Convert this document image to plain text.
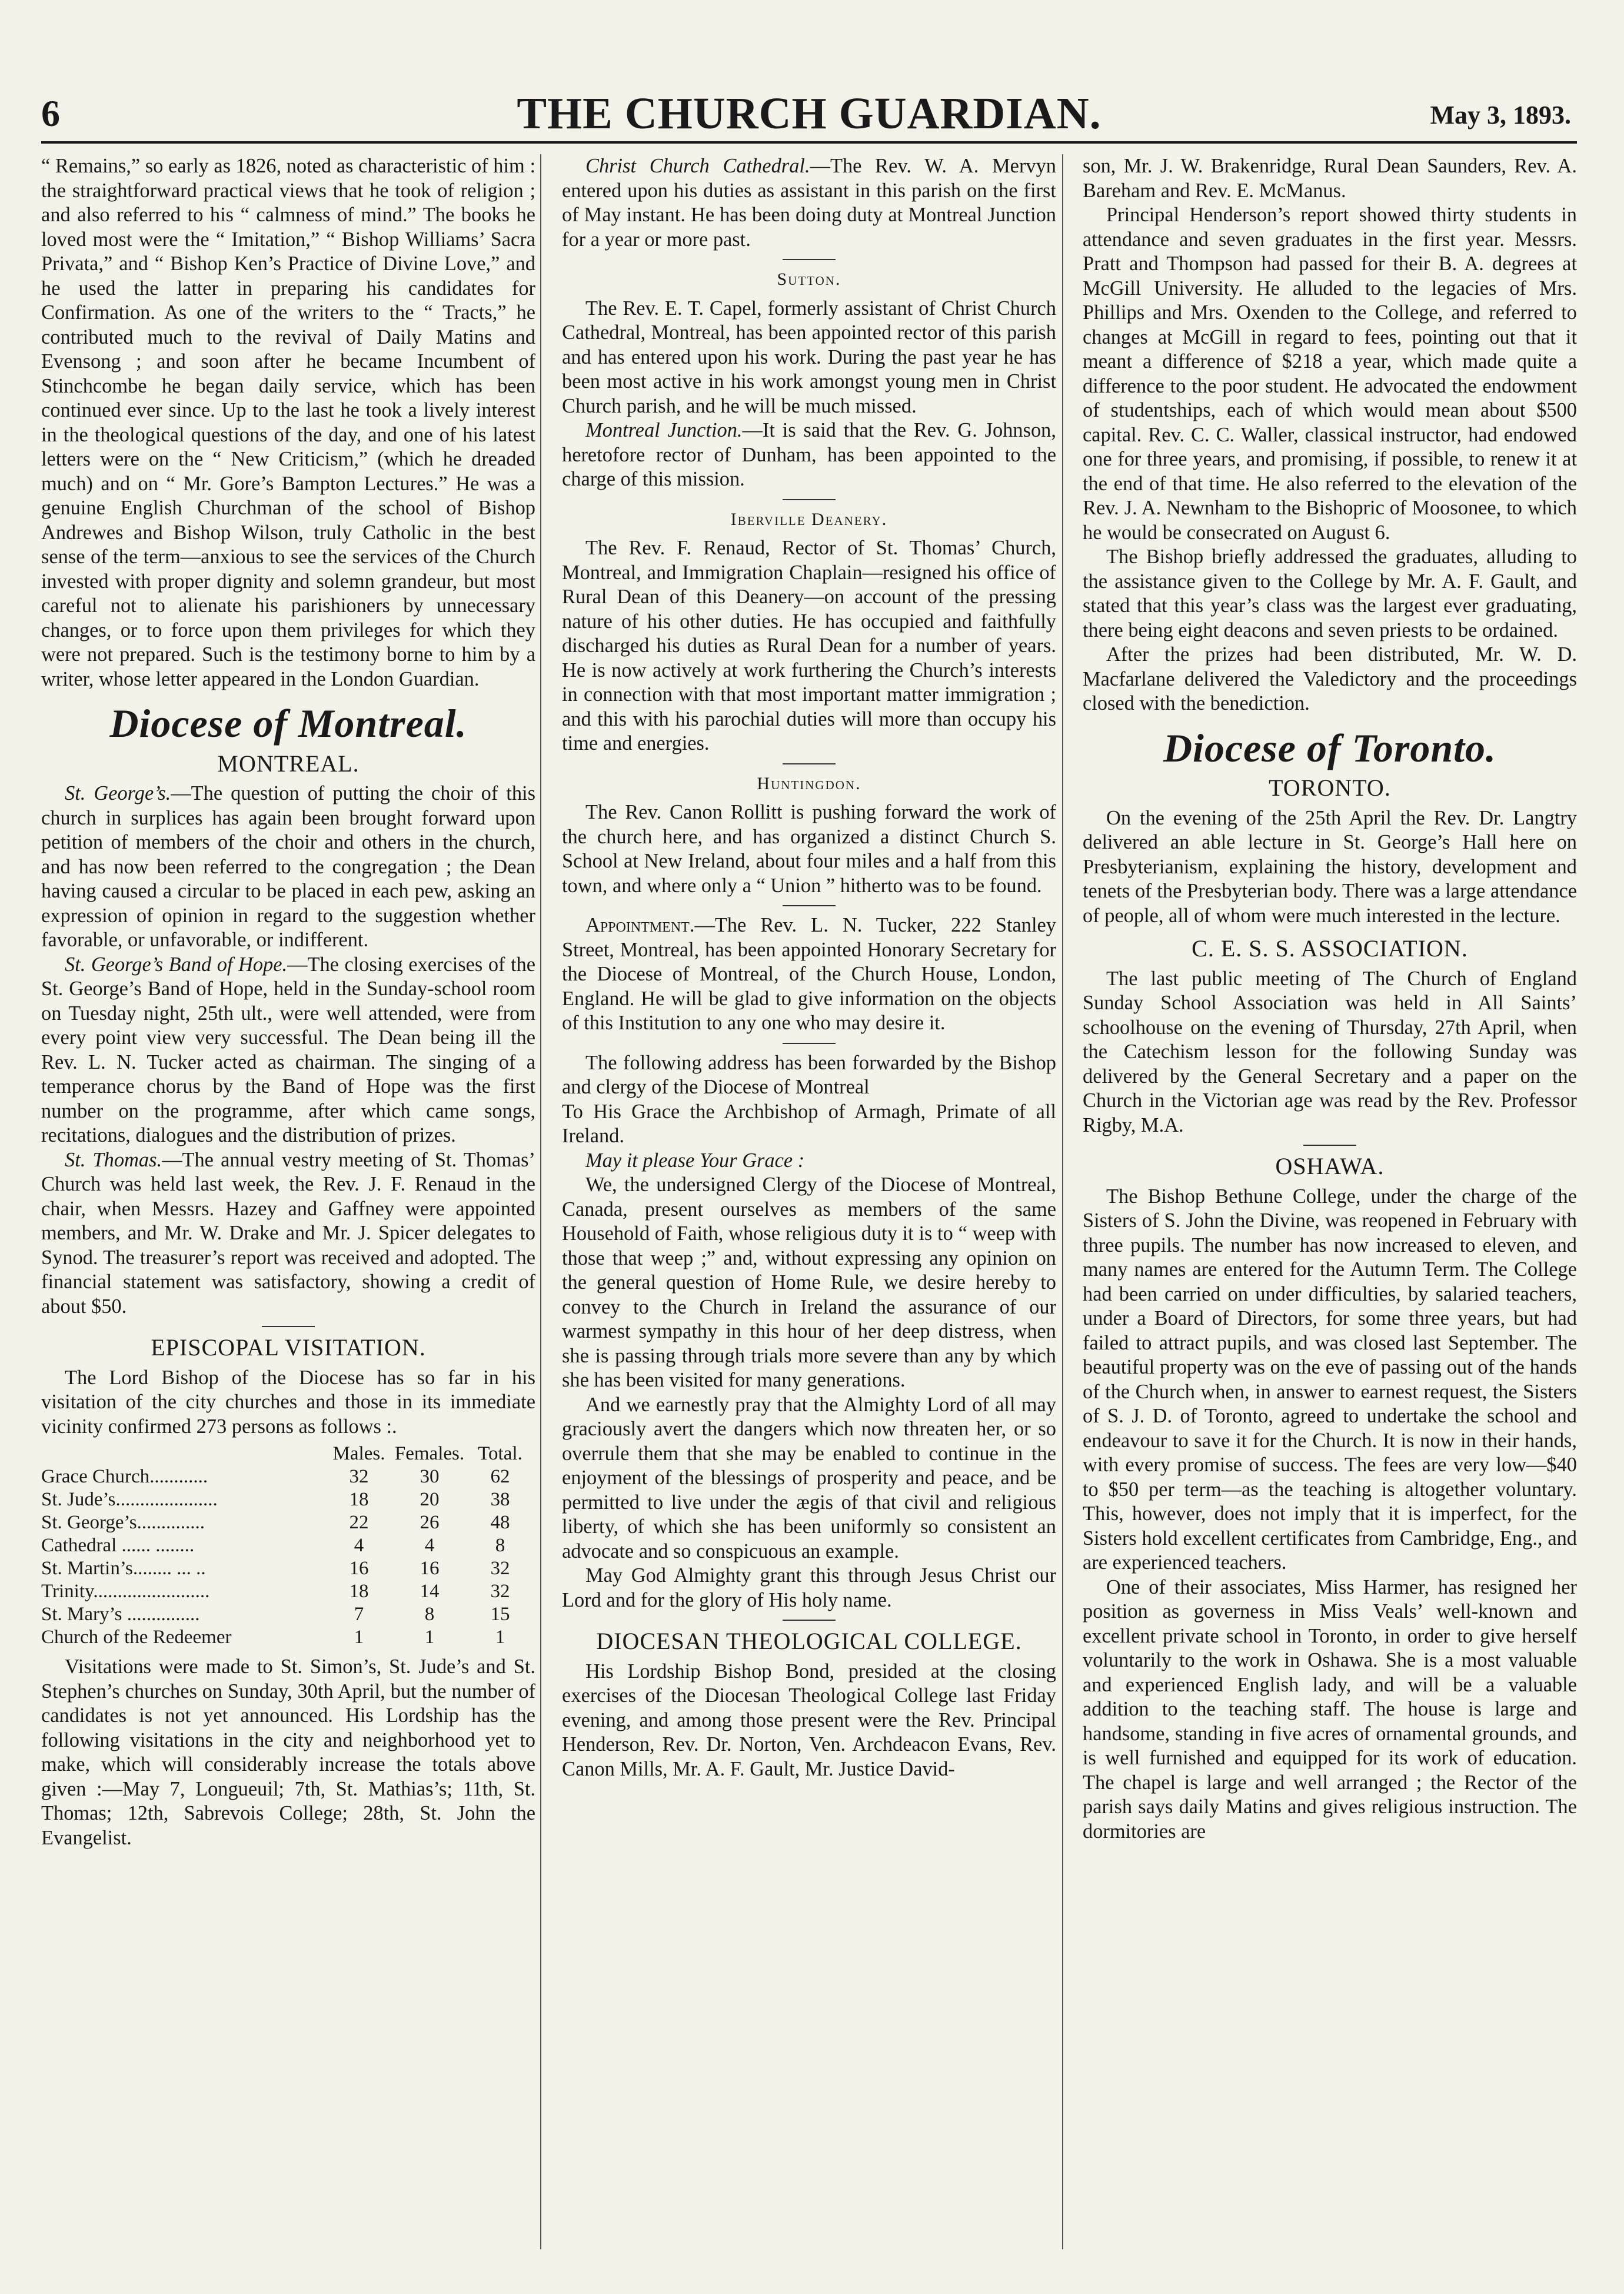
6	THE CHURCH GUARDIAN.	May 3, 1893.

“ Remains,” so early as 1826, noted as characteristic of him : the straightforward practical views that he took of religion ; and also referred to his “ calmness of mind.” The books he loved most were the “ Imitation,” “ Bishop Williams’ Sacra Privata,” and “ Bishop Ken’s Practice of Divine Love,” and he used the latter in preparing his candidates for Confirmation. As one of the writers to the “ Tracts,” he contributed much to the revival of Daily Matins and Evensong ; and soon after he became Incumbent of Stinchcombe he began daily service, which has been continued ever since. Up to the last he took a lively interest in the theological questions of the day, and one of his latest letters were on the “ New Criticism,” (which he dreaded much) and on “ Mr. Gore’s Bampton Lectures.” He was a genuine English Churchman of the school of Bishop Andrewes and Bishop Wilson, truly Catholic in the best sense of the term—anxious to see the services of the Church invested with proper dignity and solemn grandeur, but most careful not to alienate his parishioners by unnecessary changes, or to force upon them privileges for which they were not prepared. Such is the testimony borne to him by a writer, whose letter appeared in the London Guardian.

Diocese of Montreal.
MONTREAL.

St. George’s.—The question of putting the choir of this church in surplices has again been brought forward upon petition of members of the choir and others in the church, and has now been referred to the congregation ; the Dean having caused a circular to be placed in each pew, asking an expression of opinion in regard to the suggestion whether favorable, or unfavorable, or indifferent.

St. George’s Band of Hope.—The closing exercises of the St. George’s Band of Hope, held in the Sunday-school room on Tuesday night, 25th ult., were well attended, were from every point view very successful. The Dean being ill the Rev. L. N. Tucker acted as chairman. The singing of a temperance chorus by the Band of Hope was the first number on the programme, after which came songs, recitations, dialogues and the distribution of prizes.

St. Thomas.—The annual vestry meeting of St. Thomas’ Church was held last week, the Rev. J. F. Renaud in the chair, when Messrs. Hazey and Gaffney were appointed members, and Mr. W. Drake and Mr. J. Spicer delegates to Synod. The treasurer’s report was received and adopted. The financial statement was satisfactory, showing a credit of about $50.

EPISCOPAL VISITATION.

The Lord Bishop of the Diocese has so far in his visitation of the city churches and those in its immediate vicinity confirmed 273 persons as follows :.

	Males.	Females.	Total.
Grace Church............	32	30	62
St. Jude’s.....................	18	20	38
St. George’s..............	22	26	48
Cathedral ...... ........	4	4	8
St. Martin’s........ ... ..	16	16	32
Trinity........................	18	14	32
St. Mary’s ...............	7	8	15
Church of the Redeemer	1	1	1

Visitations were made to St. Simon’s, St. Jude’s and St. Stephen’s churches on Sunday, 30th April, but the number of candidates is not yet announced. His Lordship has the following visitations in the city and neighborhood yet to make, which will considerably increase the totals above given :—May 7, Longueuil; 7th, St. Mathias’s; 11th, St. Thomas; 12th, Sabrevois College; 28th, St. John the Evangelist.

Christ Church Cathedral.—The Rev. W. A. Mervyn entered upon his duties as assistant in this parish on the first of May instant. He has been doing duty at Montreal Junction for a year or more past.

Sutton.

The Rev. E. T. Capel, formerly assistant of Christ Church Cathedral, Montreal, has been appointed rector of this parish and has entered upon his work. During the past year he has been most active in his work amongst young men in Christ Church parish, and he will be much missed.

Montreal Junction.—It is said that the Rev. G. Johnson, heretofore rector of Dunham, has been appointed to the charge of this mission.

Iberville Deanery.

The Rev. F. Renaud, Rector of St. Thomas’ Church, Montreal, and Immigration Chaplain—resigned his office of Rural Dean of this Deanery—on account of the pressing nature of his other duties. He has occupied and faithfully discharged his duties as Rural Dean for a number of years. He is now actively at work furthering the Church’s interests in connection with that most important matter immigration ; and this with his parochial duties will more than occupy his time and energies.

Huntingdon.

The Rev. Canon Rollitt is pushing forward the work of the church here, and has organized a distinct Church S. School at New Ireland, about four miles and a half from this town, and where only a “ Union ” hitherto was to be found.

Appointment.—The Rev. L. N. Tucker, 222 Stanley Street, Montreal, has been appointed Honorary Secretary for the Diocese of Montreal, of the Church House, London, England. He will be glad to give information on the objects of this Institution to any one who may desire it.

The following address has been forwarded by the Bishop and clergy of the Diocese of Montreal

To His Grace the Archbishop of Armagh, Primate of all Ireland.

May it please Your Grace :

We, the undersigned Clergy of the Diocese of Montreal, Canada, present ourselves as members of the same Household of Faith, whose religious duty it is to “ weep with those that weep ;” and, without expressing any opinion on the general question of Home Rule, we desire hereby to convey to the Church in Ireland the assurance of our warmest sympathy in this hour of her deep distress, when she is passing through trials more severe than any by which she has been visited for many generations.

And we earnestly pray that the Almighty Lord of all may graciously avert the dangers which now threaten her, or so overrule them that she may be enabled to continue in the enjoyment of the blessings of prosperity and peace, and be permitted to live under the ægis of that civil and religious liberty, of which she has been uniformly so consistent an advocate and so conspicuous an example.

May God Almighty grant this through Jesus Christ our Lord and for the glory of His holy name.

DIOCESAN THEOLOGICAL COLLEGE.

His Lordship Bishop Bond, presided at the closing exercises of the Diocesan Theological College last Friday evening, and among those present were the Rev. Principal Henderson, Rev. Dr. Norton, Ven. Archdeacon Evans, Rev. Canon Mills, Mr. A. F. Gault, Mr. Justice David-

son, Mr. J. W. Brakenridge, Rural Dean Saunders, Rev. A. Bareham and Rev. E. McManus.

Principal Henderson’s report showed thirty students in attendance and seven graduates in the first year. Messrs. Pratt and Thompson had passed for their B. A. degrees at McGill University. He alluded to the legacies of Mrs. Phillips and Mrs. Oxenden to the College, and referred to changes at McGill in regard to fees, pointing out that it meant a difference of $218 a year, which made quite a difference to the poor student. He advocated the endowment of studentships, each of which would mean about $500 capital. Rev. C. C. Waller, classical instructor, had endowed one for three years, and promising, if possible, to renew it at the end of that time. He also referred to the elevation of the Rev. J. A. Newnham to the Bishopric of Moosonee, to which he would be consecrated on August 6.

The Bishop briefly addressed the graduates, alluding to the assistance given to the College by Mr. A. F. Gault, and stated that this year’s class was the largest ever graduating, there being eight deacons and seven priests to be ordained.

After the prizes had been distributed, Mr. W. D. Macfarlane delivered the Valedictory and the proceedings closed with the benediction.

Diocese of Toronto.
TORONTO.

On the evening of the 25th April the Rev. Dr. Langtry delivered an able lecture in St. George’s Hall here on Presbyterianism, explaining the history, development and tenets of the Presbyterian body. There was a large attendance of people, all of whom were much interested in the lecture.

C. E. S. S. ASSOCIATION.

The last public meeting of The Church of England Sunday School Association was held in All Saints’ schoolhouse on the evening of Thursday, 27th April, when the Catechism lesson for the following Sunday was delivered by the General Secretary and a paper on the Church in the Victorian age was read by the Rev. Professor Rigby, M.A.

OSHAWA.

The Bishop Bethune College, under the charge of the Sisters of S. John the Divine, was reopened in February with three pupils. The number has now increased to eleven, and many names are entered for the Autumn Term. The College had been carried on under difficulties, by salaried teachers, under a Board of Directors, for some three years, but had failed to attract pupils, and was closed last September. The beautiful property was on the eve of passing out of the hands of the Church when, in answer to earnest request, the Sisters of S. J. D. of Toronto, agreed to undertake the school and endeavour to save it for the Church. It is now in their hands, with every promise of success. The fees are very low—$40 to $50 per term—as the teaching is altogether voluntary. This, however, does not imply that it is imperfect, for the Sisters hold excellent certificates from Cambridge, Eng., and are experienced teachers.

One of their associates, Miss Harmer, has resigned her position as governess in Miss Veals’ well-known and excellent private school in Toronto, in order to give herself voluntarily to the work in Oshawa. She is a most valuable and experienced English lady, and will be a valuable addition to the teaching staff. The house is large and handsome, standing in five acres of ornamental grounds, and is well furnished and equipped for its work of education. The chapel is large and well arranged ; the Rector of the parish says daily Matins and gives religious instruction. The dormitories are
